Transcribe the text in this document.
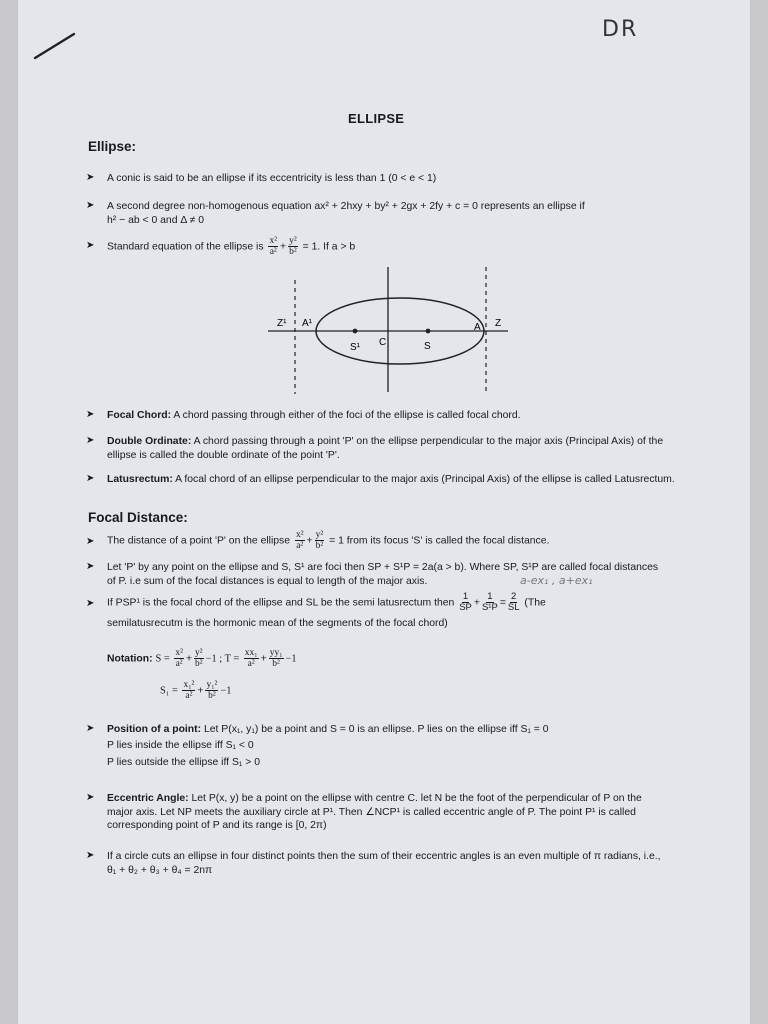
DR
ELLIPSE
Ellipse:
➤ A conic is said to be an ellipse if its eccentricity is less than 1 (0 < e < 1)
➤ A second degree non-homogenous equation ax² + 2hxy + by² + 2gx + 2fy + c = 0 represents an ellipse if
h² − ab < 0 and Δ ≠ 0
➤ Standard equation of the ellipse is $\frac{\text{x²}}{\text{a²}} + \frac{\text{y²}}{\text{b²}} = 1$. If a > b
Z¹ A¹	A Z
S¹ C	S
➤ Focal Chord: A chord passing through either of the foci of the ellipse is called focal chord.
➤ Double Ordinate: A chord passing through a point 'P' on the ellipse perpendicular to the major axis (Principal Axis) of the ellipse is called the double ordinate of the point 'P'.
➤ Latusrectum: A focal chord of an ellipse perpendicular to the major axis (Principal Axis) of the ellipse is called Latusrectum.
Focal Distance:
➤ The distance of a point 'P' on the ellipse $\frac{\text{x²}}{\text{a²}} + \frac{\text{y²}}{\text{b²}} = 1$ from its focus 'S' is called the focal distance.
➤ Let 'P' by any point on the ellipse and S, S¹ are foci then SP + S¹P = 2a(a > b). Where SP, S¹P are called focal distances of P. i.e sum of the focal distances is equal to length of the major axis.	a-ex₁ , a+ex₁
➤ If PSP¹ is the focal chord of the ellipse and SL be the semi latusrectum then $\frac{1}{SP} + \frac{1}{\text{S¹P}} = \frac{2}{SL} (The$
semilatusrecutm is the hormonic mean of the segments of the focal chord)
Notation: $S = \frac{\text{x²}}{\text{a²}} + \frac{\text{y²}}{\text{b²}} -1$ ; $T = \frac{\text{xx₁}}{\text{a²}} + \frac{\text{yy₁}}{\text{b²}} -1$
$S_1 = \frac{\text{x₁²}}{\text{a²}} + \frac{\text{y₁²}}{\text{b²}} -1$
➤ Position of a point: Let P(x₁, y₁) be a point and S = 0 is an ellipse. P lies on the ellipse iff S₁ = 0
P lies inside the ellipse iff S₁ < 0
P lies outside the ellipse iff S₁ > 0
➤ Eccentric Angle: Let P(x, y) be a point on the ellipse with centre C. let N be the foot of the perpendicular of P on the major axis. Let NP meets the auxiliary circle at P¹. Then ∠NCP¹ is called eccentric angle of P. The point P¹ is called corresponding point of P and its range is [0, 2π)
➤ If a circle cuts an ellipse in four distinct points then the sum of their eccentric angles is an even multiple of π radians, i.e., θ₁ + θ₂ + θ₃ + θ₄ = 2nπ
